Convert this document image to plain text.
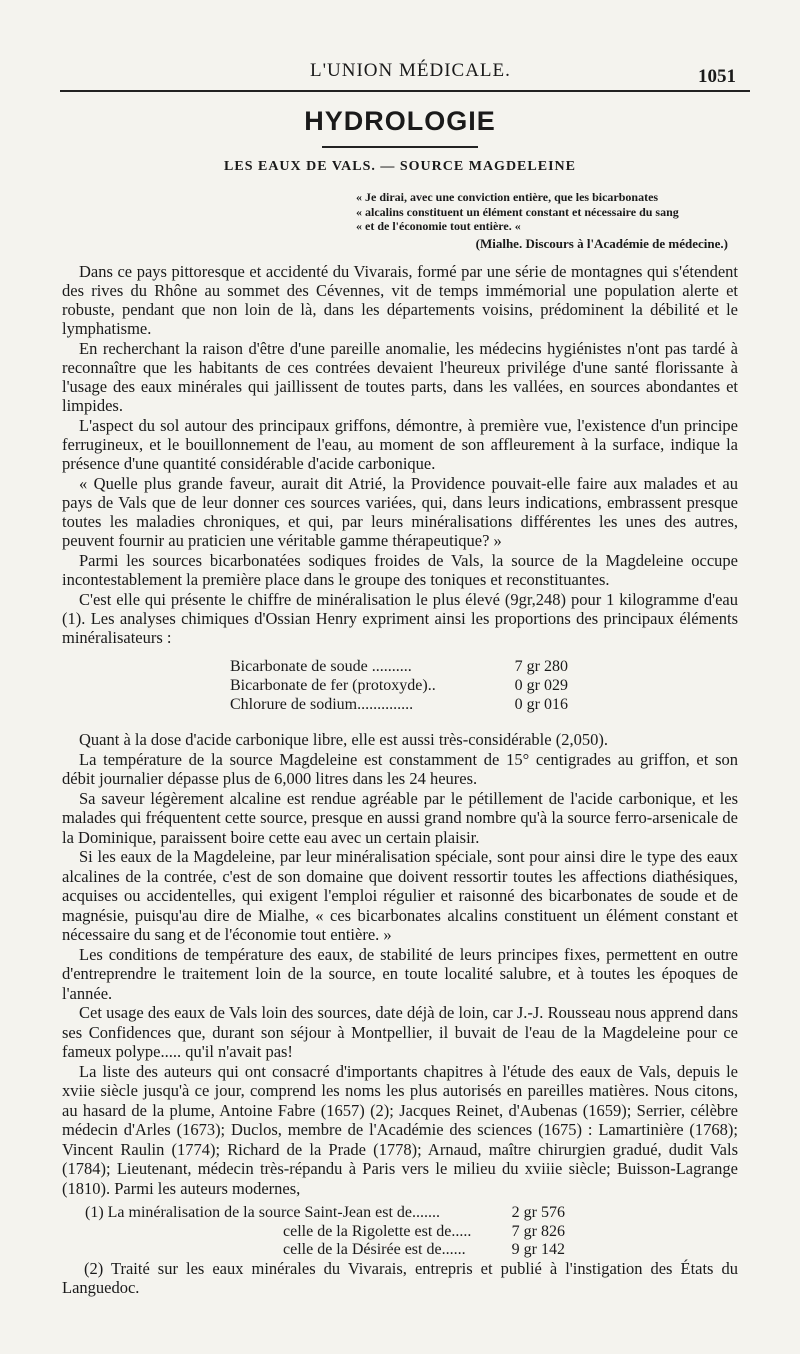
L'UNION MÉDICALE.	1051
HYDROLOGIE
LES EAUX DE VALS. — SOURCE MAGDELEINE
« Je dirai, avec une conviction entière, que les bicarbonates
« alcalins constituent un élément constant et nécessaire du sang
« et de l'économie tout entière. «
(Mialhe. Discours à l'Académie de médecine.)

Dans ce pays pittoresque et accidenté du Vivarais, formé par une série de montagnes qui s'étendent des rives du Rhône au sommet des Cévennes, vit de temps immémorial une population alerte et robuste, pendant que non loin de là, dans les départements voisins, prédominent la débilité et le lymphatisme.

En recherchant la raison d'être d'une pareille anomalie, les médecins hygiénistes n'ont pas tardé à reconnaître que les habitants de ces contrées devaient l'heureux privilége d'une santé florissante à l'usage des eaux minérales qui jaillissent de toutes parts, dans les vallées, en sources abondantes et limpides.

L'aspect du sol autour des principaux griffons, démontre, à première vue, l'existence d'un principe ferrugineux, et le bouillonnement de l'eau, au moment de son affleurement à la surface, indique la présence d'une quantité considérable d'acide carbonique.

« Quelle plus grande faveur, aurait dit Atrié, la Providence pouvait-elle faire aux malades et au pays de Vals que de leur donner ces sources variées, qui, dans leurs indications, embrassent presque toutes les maladies chroniques, et qui, par leurs minéralisations différentes les unes des autres, peuvent fournir au praticien une véritable gamme thérapeutique? »

Parmi les sources bicarbonatées sodiques froides de Vals, la source de la Magdeleine occupe incontestablement la première place dans le groupe des toniques et reconstituantes.

C'est elle qui présente le chiffre de minéralisation le plus élevé (9gr,248) pour 1 kilogramme d'eau (1). Les analyses chimiques d'Ossian Henry expriment ainsi les proportions des principaux éléments minéralisateurs :

Bicarbonate de soude ..........	7 gr 280
Bicarbonate de fer (protoxyde)..	0 gr 029
Chlorure de sodium..............	0 gr 016

Quant à la dose d'acide carbonique libre, elle est aussi très-considérable (2,050).

La température de la source Magdeleine est constamment de 15° centigrades au griffon, et son débit journalier dépasse plus de 6,000 litres dans les 24 heures.

Sa saveur légèrement alcaline est rendue agréable par le pétillement de l'acide carbonique, et les malades qui fréquentent cette source, presque en aussi grand nombre qu'à la source ferro-arsenicale de la Dominique, paraissent boire cette eau avec un certain plaisir.

Si les eaux de la Magdeleine, par leur minéralisation spéciale, sont pour ainsi dire le type des eaux alcalines de la contrée, c'est de son domaine que doivent ressortir toutes les affections diathésiques, acquises ou accidentelles, qui exigent l'emploi régulier et raisonné des bicarbonates de soude et de magnésie, puisqu'au dire de Mialhe, « ces bicarbonates alcalins constituent un élément constant et nécessaire du sang et de l'économie tout entière. »

Les conditions de température des eaux, de stabilité de leurs principes fixes, permettent en outre d'entreprendre le traitement loin de la source, en toute localité salubre, et à toutes les époques de l'année.

Cet usage des eaux de Vals loin des sources, date déjà de loin, car J.-J. Rousseau nous apprend dans ses Confidences que, durant son séjour à Montpellier, il buvait de l'eau de la Magdeleine pour ce fameux polype..... qu'il n'avait pas!

La liste des auteurs qui ont consacré d'importants chapitres à l'étude des eaux de Vals, depuis le xviie siècle jusqu'à ce jour, comprend les noms les plus autorisés en pareilles matières. Nous citons, au hasard de la plume, Antoine Fabre (1657) (2); Jacques Reinet, d'Aubenas (1659); Serrier, célèbre médecin d'Arles (1673); Duclos, membre de l'Académie des sciences (1675) : Lamartinière (1768); Vincent Raulin (1774); Richard de la Prade (1778); Arnaud, maître chirurgien gradué, dudit Vals (1784); Lieutenant, médecin très-répandu à Paris vers le milieu du xviiie siècle; Buisson-Lagrange (1810). Parmi les auteurs modernes,

(1) La minéralisation de la source Saint-Jean est de.......	2 gr 576
celle de la Rigolette est de.....	7 gr 826
celle de la Désirée est de......	9 gr 142
(2) Traité sur les eaux minérales du Vivarais, entrepris et publié à l'instigation des États du Languedoc.
